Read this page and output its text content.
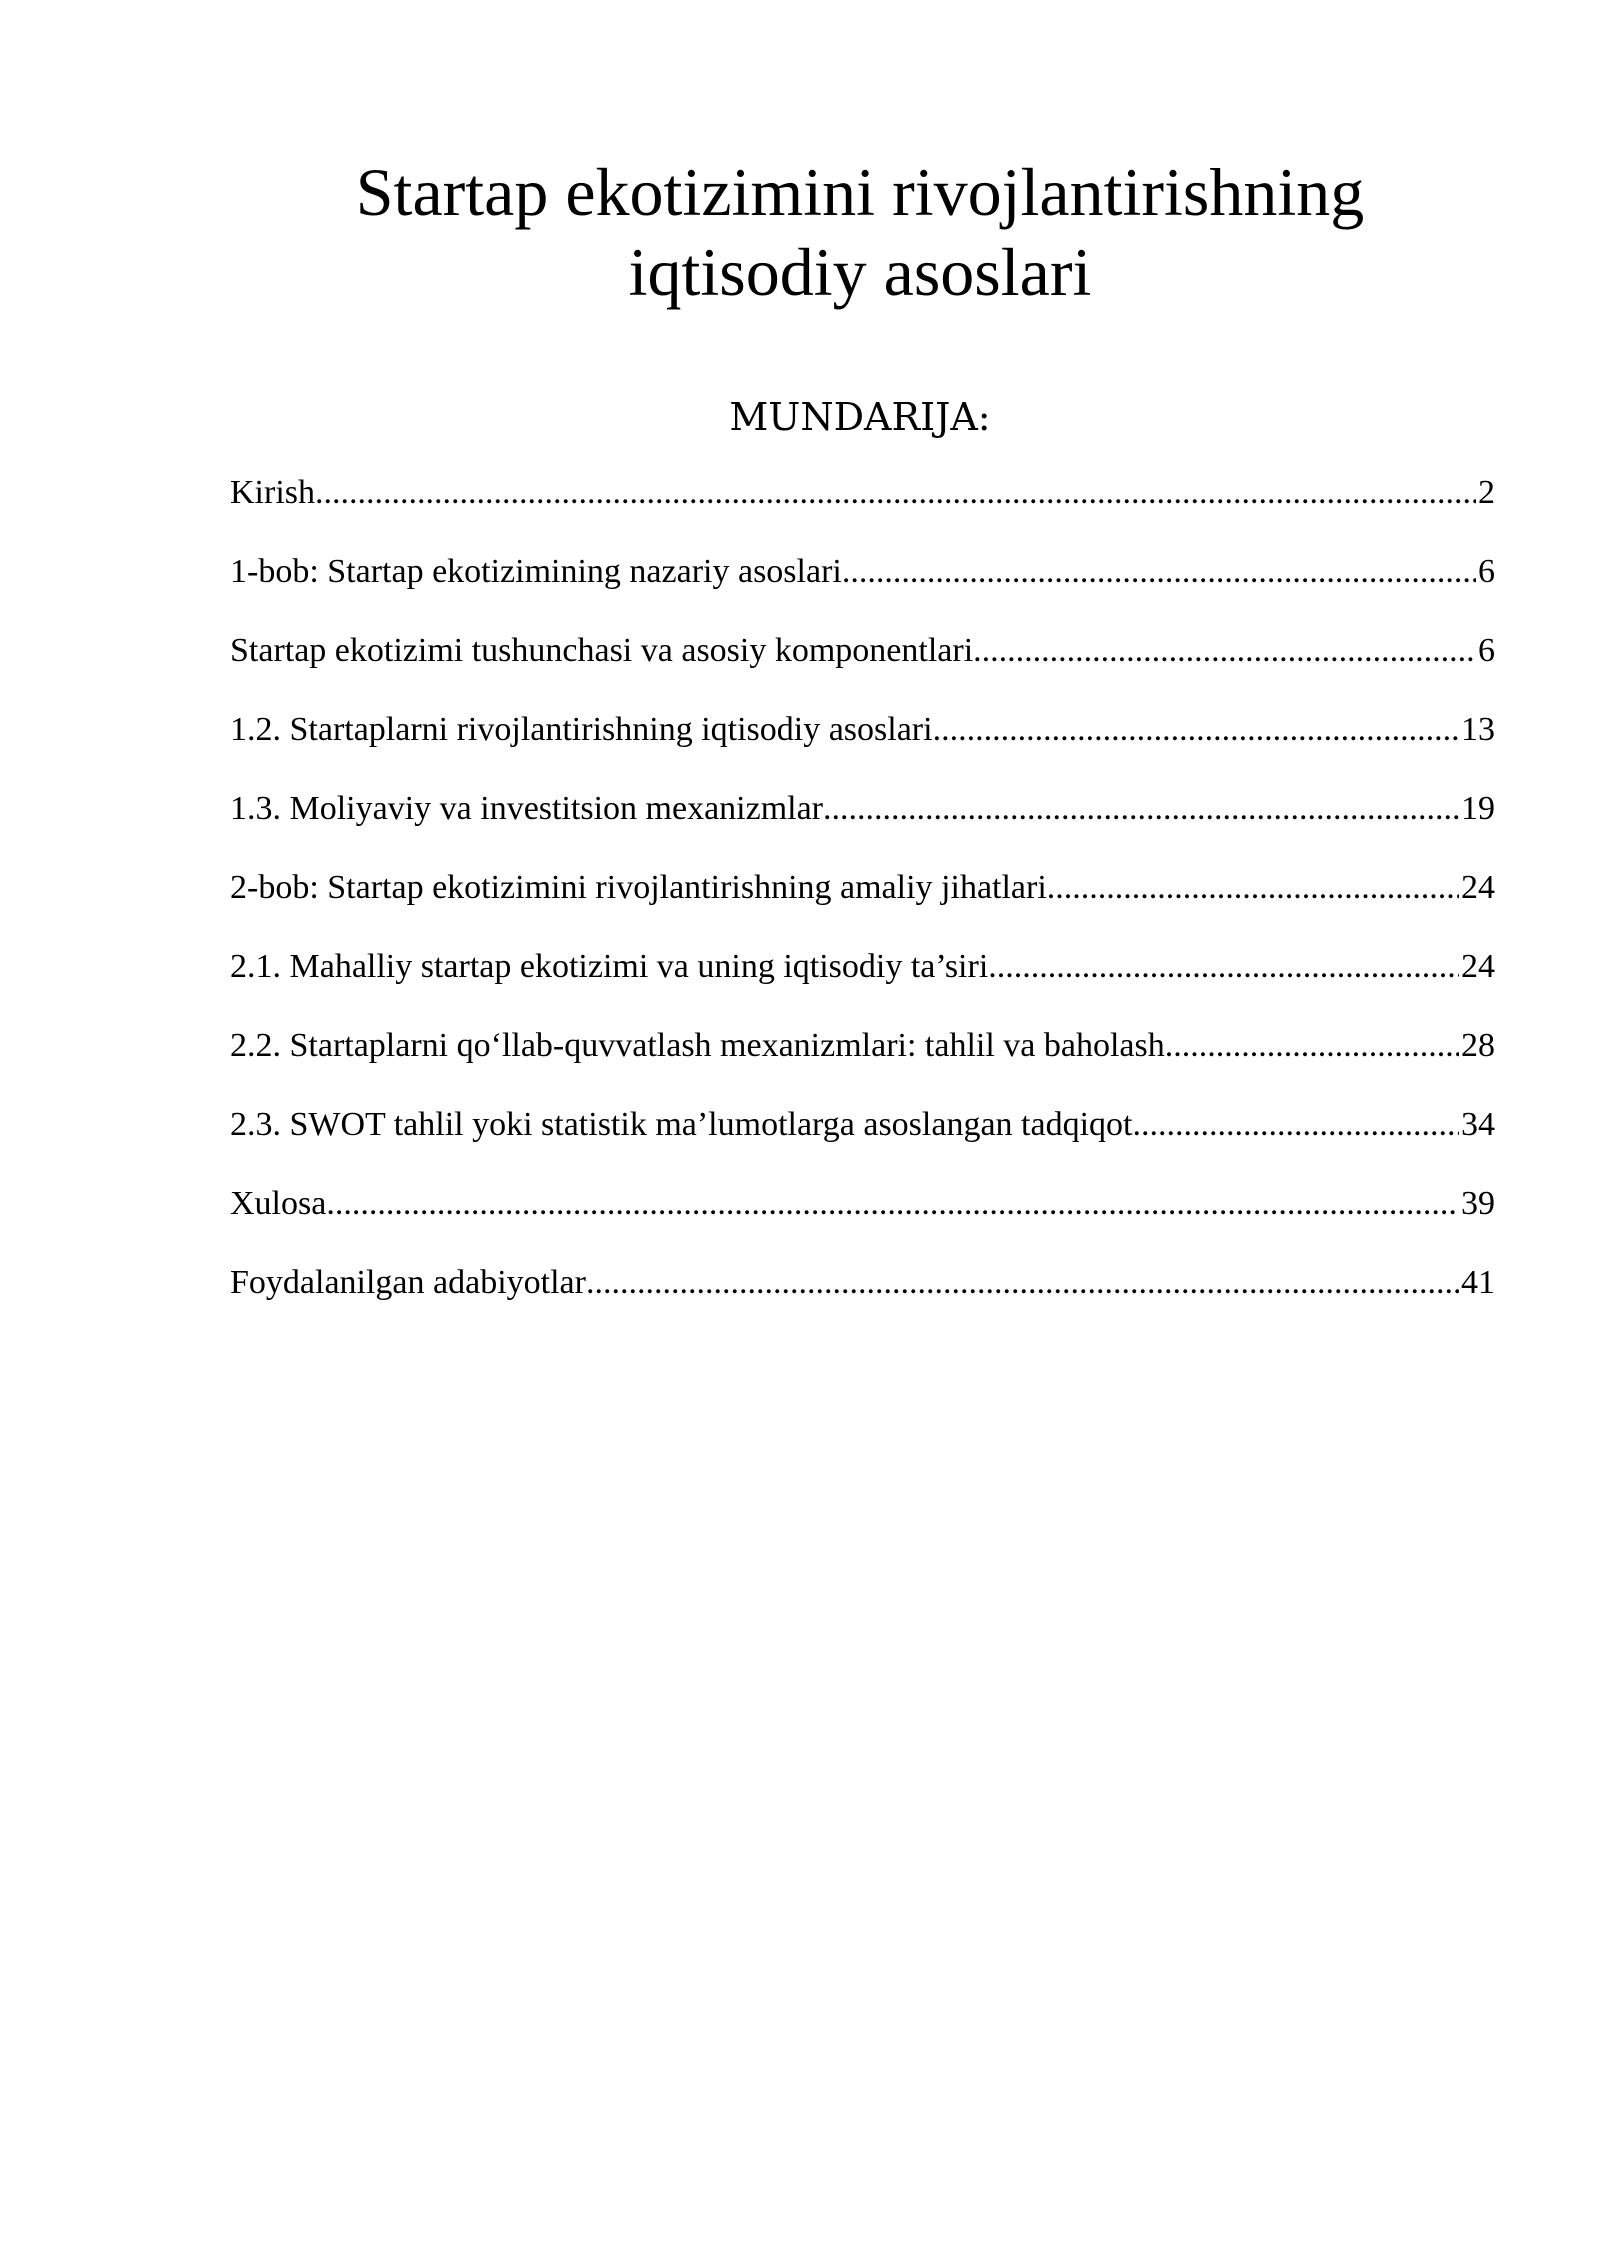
Startap ekotizimini rivojlantirishning
iqtisodiy asoslari
MUNDARIJA:
Kirish .....	2
1-bob: Startap ekotizimining nazariy asoslari .....	6
Startap ekotizimi tushunchasi va asosiy komponentlari .....	6
1.2. Startaplarni rivojlantirishning iqtisodiy asoslari .....	13
1.3. Moliyaviy va investitsion mexanizmlar .....	19
2-bob: Startap ekotizimini rivojlantirishning amaliy jihatlari .....	24
2.1. Mahalliy startap ekotizimi va uning iqtisodiy ta’siri .....	24
2.2. Startaplarni qo‘llab-quvvatlash mexanizmlari: tahlil va baholash .....	28
2.3. SWOT tahlil yoki statistik ma’lumotlarga asoslangan tadqiqot .....	34
Xulosa .....	39
Foydalanilgan adabiyotlar .....	41
